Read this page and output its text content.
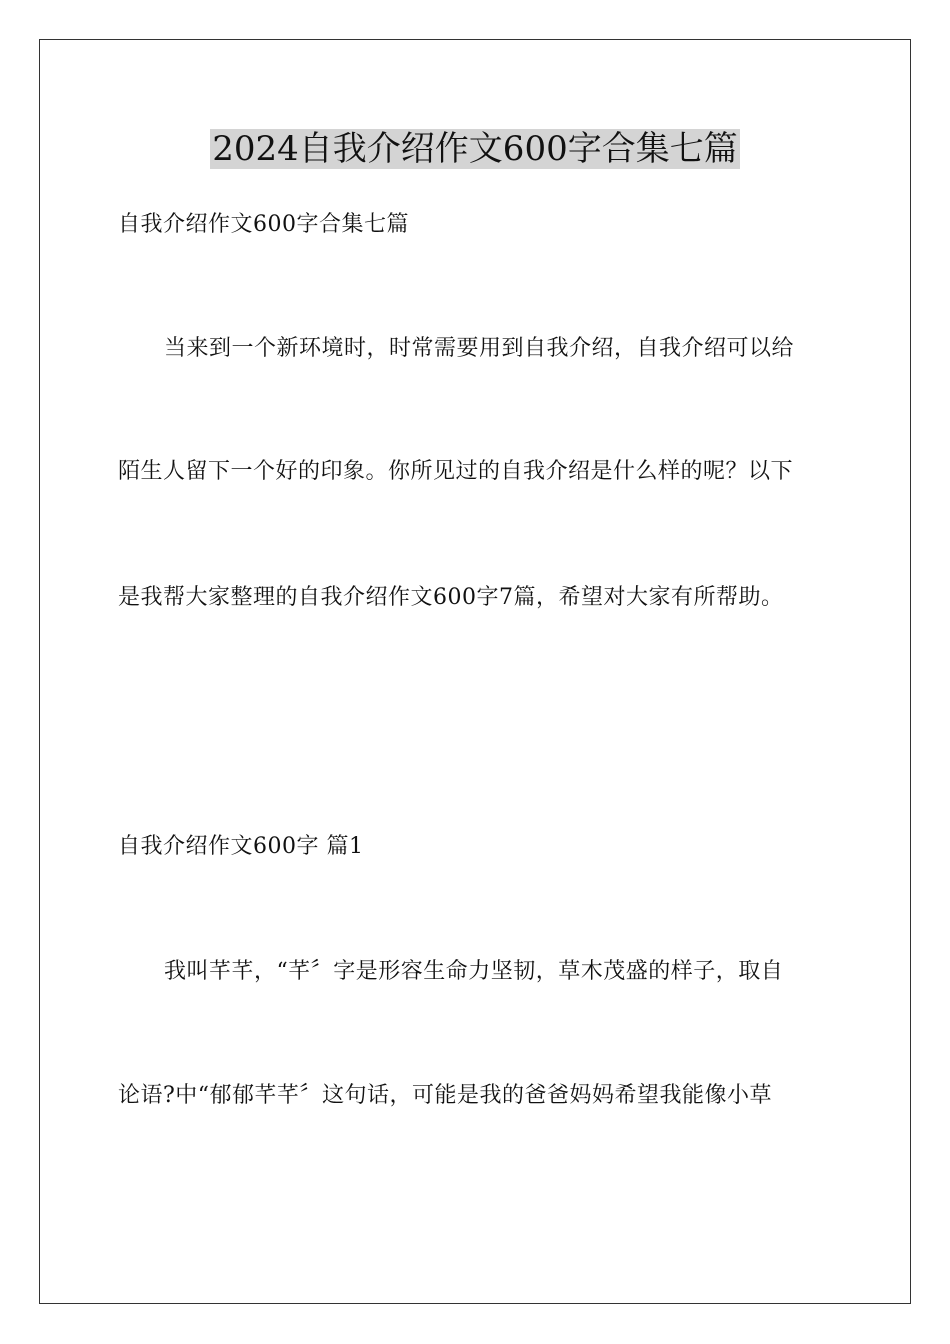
2024自我介绍作文600字合集七篇

自我介绍作文600字合集七篇

当来到一个新环境时，时常需要用到自我介绍，自我介绍可以给

陌生人留下一个好的印象。你所见过的自我介绍是什么样的呢？以下

是我帮大家整理的自我介绍作文600字7篇，希望对大家有所帮助。

自我介绍作文600字 篇1

我叫芊芊，“芊〞字是形容生命力坚韧，草木茂盛的样子，取自

论语?中“郁郁芊芊〞这句话，可能是我的爸爸妈妈希望我能像小草
